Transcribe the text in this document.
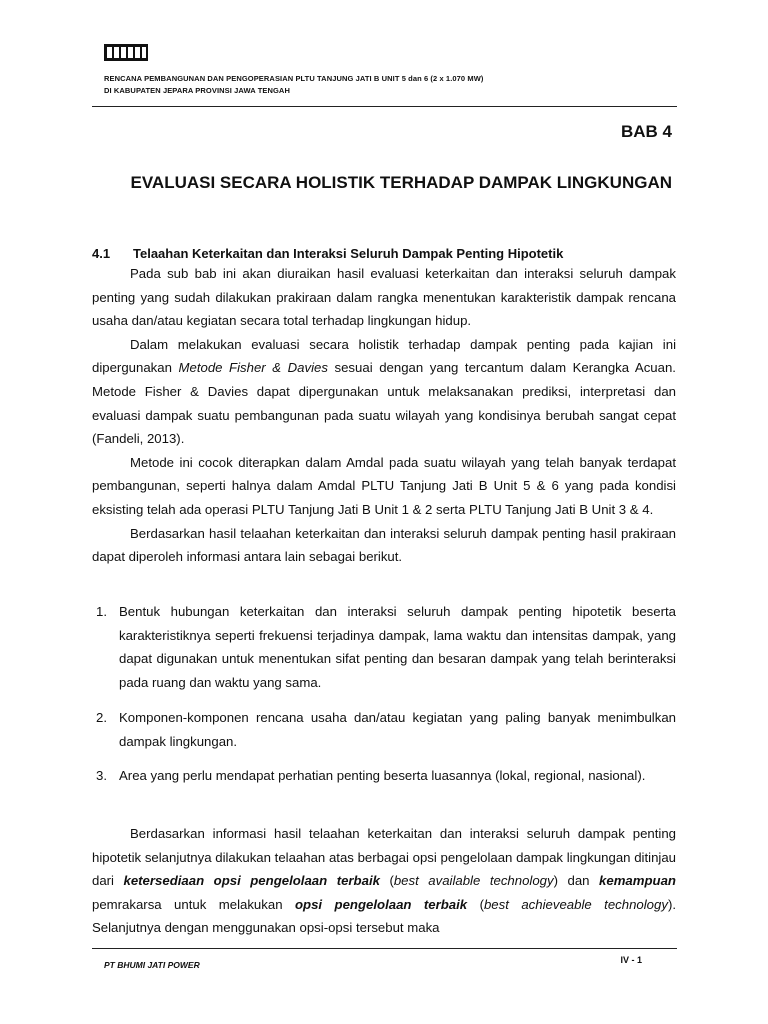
RENCANA PEMBANGUNAN DAN PENGOPERASIAN PLTU TANJUNG JATI B UNIT 5 dan 6 (2 x 1.070 MW)
DI KABUPATEN JEPARA PROVINSI JAWA TENGAH
BAB 4
EVALUASI SECARA HOLISTIK TERHADAP DAMPAK LINGKUNGAN
4.1 Telaahan Keterkaitan dan Interaksi Seluruh Dampak Penting Hipotetik

Pada sub bab ini akan diuraikan hasil evaluasi keterkaitan dan interaksi seluruh dampak penting yang sudah dilakukan prakiraan dalam rangka menentukan karakteristik dampak rencana usaha dan/atau kegiatan secara total terhadap lingkungan hidup.

Dalam melakukan evaluasi secara holistik terhadap dampak penting pada kajian ini dipergunakan Metode Fisher & Davies sesuai dengan yang tercantum dalam Kerangka Acuan. Metode Fisher & Davies dapat dipergunakan untuk melaksanakan prediksi, interpretasi dan evaluasi dampak suatu pembangunan pada suatu wilayah yang kondisinya berubah sangat cepat (Fandeli, 2013).

Metode ini cocok diterapkan dalam Amdal pada suatu wilayah yang telah banyak terdapat pembangunan, seperti halnya dalam Amdal PLTU Tanjung Jati B Unit 5 & 6 yang pada kondisi eksisting telah ada operasi PLTU Tanjung Jati B Unit 1 & 2 serta PLTU Tanjung Jati B Unit 3 & 4.

Berdasarkan hasil telaahan keterkaitan dan interaksi seluruh dampak penting hasil prakiraan dapat diperoleh informasi antara lain sebagai berikut.

1. Bentuk hubungan keterkaitan dan interaksi seluruh dampak penting hipotetik beserta karakteristiknya seperti frekuensi terjadinya dampak, lama waktu dan intensitas dampak, yang dapat digunakan untuk menentukan sifat penting dan besaran dampak yang telah berinteraksi pada ruang dan waktu yang sama.

2. Komponen-komponen rencana usaha dan/atau kegiatan yang paling banyak menimbulkan dampak lingkungan.

3. Area yang perlu mendapat perhatian penting beserta luasannya (lokal, regional, nasional).

Berdasarkan informasi hasil telaahan keterkaitan dan interaksi seluruh dampak penting hipotetik selanjutnya dilakukan telaahan atas berbagai opsi pengelolaan dampak lingkungan ditinjau dari ketersediaan opsi pengelolaan terbaik (best available technology) dan kemampuan pemrakarsa untuk melakukan opsi pengelolaan terbaik (best achieveable technology). Selanjutnya dengan menggunakan opsi-opsi tersebut maka

PT BHUMI JATI POWER	IV - 1
